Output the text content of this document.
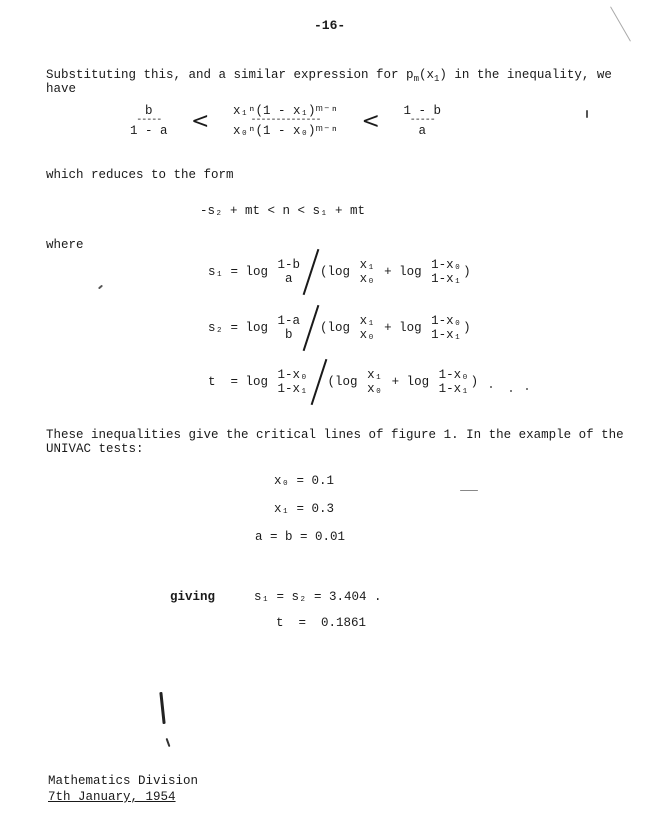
-16-
Substituting this, and a similar expression for $p_m(x_1)$ in the inequality, we
have
b
-----
1 - a < x₁ⁿ(1 - x₁)ᵐ⁻ⁿ
--------------
x₀ⁿ(1 - x₀)ᵐ⁻ⁿ < 1 - b
-----
a
which reduces to the form
-s₂ + mt < n < s₁ + mt
where
s₁ = log 1-b
a (log x₁
x₀ + log 1-x₀
1-x₁ )
s₂ = log 1-a
b (log x₁
x₀ + log 1-x₀
1-x₁ )
t  = log 1-x₀
1-x₁ (log x₁
x₀ + log 1-x₀
1-x₁ )
These inequalities give the critical lines of figure 1. In the example of the
UNIVAC tests:
x₀ = 0.1
x₁ = 0.3
a = b = 0.01
giving	s₁ = s₂ = 3.404 .
t  =  0.1861
Mathematics Division
7th January, 1954
